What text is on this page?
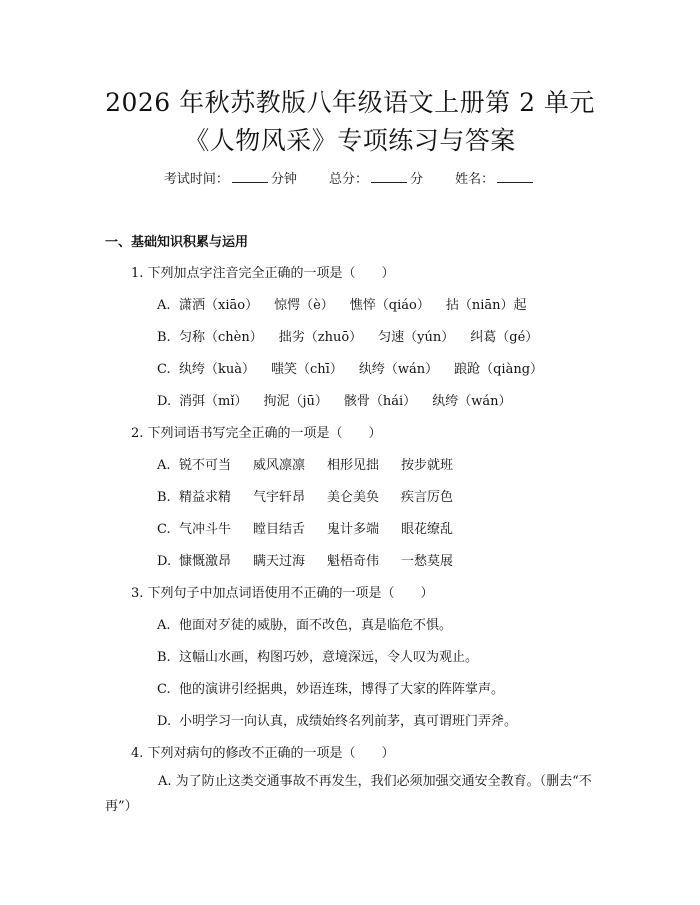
2026 年秋苏教版八年级语文上册第 2 单元
《人物风采》专项练习与答案
考试时间：	分钟 总分：	分 姓名：
一、基础知识积累与运用
1. 下列加点字注音完全正确的一项是（　　）
A. 潇洒（xiāo） 惊愕（è） 憔悴（qiáo） 拈（niān）起
B. 匀称（chèn） 拙劣（zhuō） 匀速（yún） 纠葛（gé）
C. 纨绔（kuà） 嗤笑（chī） 纨绔（wán） 踉跄（qiàng）
D. 消弭（mǐ） 拘泥（jū） 骸骨（hái） 纨绔（wán）
2. 下列词语书写完全正确的一项是（　　）
A. 锐不可当 威风凛凛 相形见拙 按步就班
B. 精益求精 气宇轩昂 美仑美奂 疾言厉色
C. 气冲斗牛 瞠目结舌 鬼计多端 眼花缭乱
D. 慷慨激昂 瞒天过海 魁梧奇伟 一愁莫展
3. 下列句子中加点词语使用不正确的一项是（　　）
A. 他面对歹徒的威胁，面不改色，真是临危不惧。
B. 这幅山水画，构图巧妙，意境深远，令人叹为观止。
C. 他的演讲引经据典，妙语连珠，博得了大家的阵阵掌声。
D. 小明学习一向认真，成绩始终名列前茅，真可谓班门弄斧。
4. 下列对病句的修改不正确的一项是（　　）
A. 为了防止这类交通事故不再发生，我们必须加强交通安全教育。（删去“不再”）
